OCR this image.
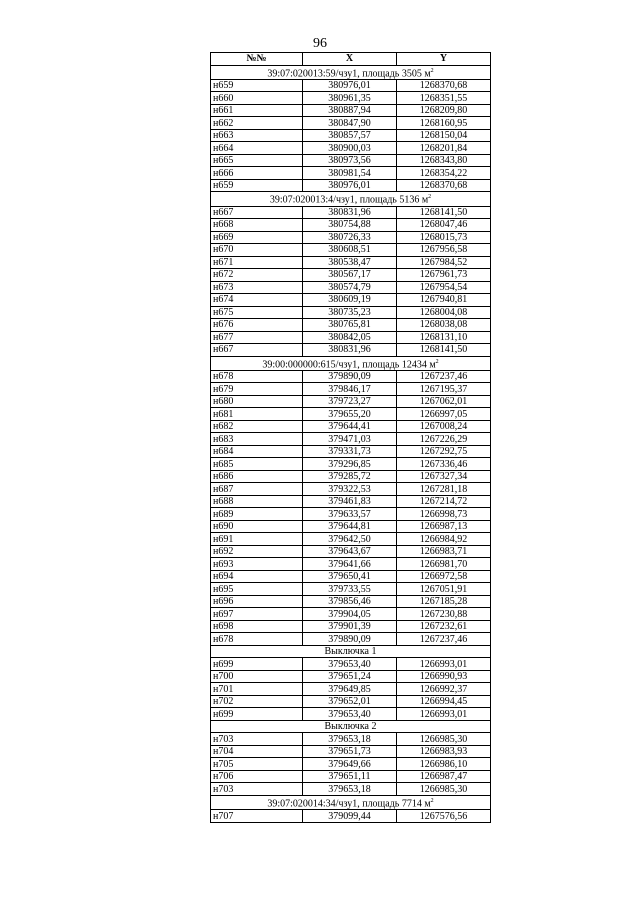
96
№№	X	Y
39:07:020013:59/чзу1, площадь 3505 $м^2$
н659	380976,01	1268370,68
н660	380961,35	1268351,55
н661	380887,94	1268209,80
н662	380847,90	1268160,95
н663	380857,57	1268150,04
н664	380900,03	1268201,84
н665	380973,56	1268343,80
н666	380981,54	1268354,22
н659	380976,01	1268370,68
39:07:020013:4/чзу1, площадь 5136 $м^2$
н667	380831,96	1268141,50
н668	380754,88	1268047,46
н669	380726,33	1268015,73
н670	380608,51	1267956,58
н671	380538,47	1267984,52
н672	380567,17	1267961,73
н673	380574,79	1267954,54
н674	380609,19	1267940,81
н675	380735,23	1268004,08
н676	380765,81	1268038,08
н677	380842,05	1268131,10
н667	380831,96	1268141,50
39:00:000000:615/чзу1, площадь 12434 $м^2$
н678	379890,09	1267237,46
н679	379846,17	1267195,37
н680	379723,27	1267062,01
н681	379655,20	1266997,05
н682	379644,41	1267008,24
н683	379471,03	1267226,29
н684	379331,73	1267292,75
н685	379296,85	1267336,46
н686	379285,72	1267327,34
н687	379322,53	1267281,18
н688	379461,83	1267214,72
н689	379633,57	1266998,73
н690	379644,81	1266987,13
н691	379642,50	1266984,92
н692	379643,67	1266983,71
н693	379641,66	1266981,70
н694	379650,41	1266972,58
н695	379733,55	1267051,91
н696	379856,46	1267185,28
н697	379904,05	1267230,88
н698	379901,39	1267232,61
н678	379890,09	1267237,46
Выключка 1		
н699	379653,40	1266993,01
н700	379651,24	1266990,93
н701	379649,85	1266992,37
н702	379652,01	1266994,45
н699	379653,40	1266993,01
Выключка 2		
н703	379653,18	1266985,30
н704	379651,73	1266983,93
н705	379649,66	1266986,10
н706	379651,11	1266987,47
н703	379653,18	1266985,30
39:07:020014:34/чзу1, площадь 7714 $м^2$
н707	379099,44	1267576,56
